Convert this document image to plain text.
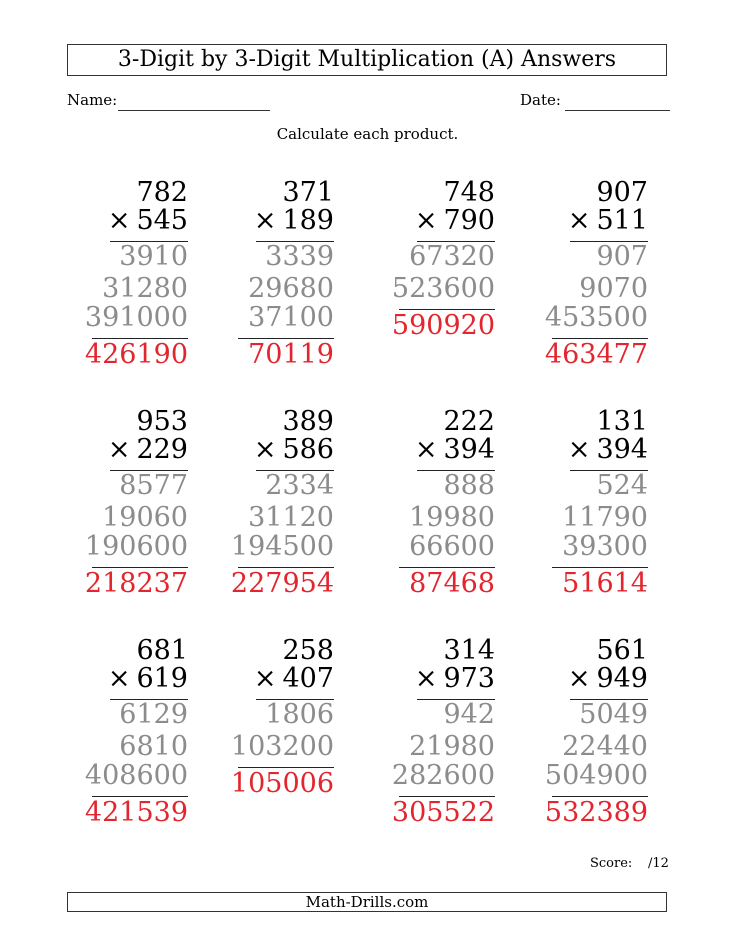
3-Digit by 3-Digit Multiplication (A) Answers
Name:	Date:
Calculate each product.
782
× 545
3910
31280
391000
426190
371
× 189
3339
29680
37100
70119
748
× 790
67320
523600
590920
907
× 511
907
9070
453500
463477
953
× 229
8577
19060
190600
218237
389
× 586
2334
31120
194500
227954
222
× 394
888
19980
66600
87468
131
× 394
524
11790
39300
51614
681
× 619
6129
6810
408600
421539
258
× 407
1806
103200
105006
314
× 973
942
21980
282600
305522
561
× 949
5049
22440
504900
532389
Score: /12
Math-Drills.com
